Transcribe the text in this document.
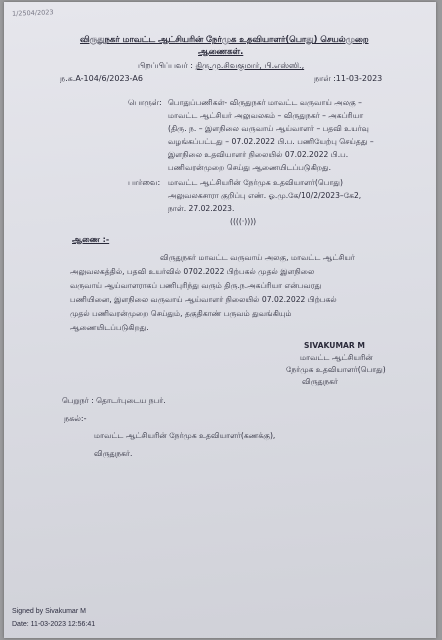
1/2504/2023
விருதுநகர் மாவட்ட ஆட்சியரின் நேர்முக உதவியாளர்(பொது) செயல்முறை
ஆணைகள்.
பிறப்பிப்பவர் : திரு.மு.சிவகுமார், பி.எஸ்ஸி.,
ந.க.A-104/6/2023-A6	நாள் :11-03-2023
பொருள்: பொதுப்பணிகள்- விருதுநகர் மாவட்ட வருவாய் அலகு –
மாவட்ட ஆட்சியர் அலுவலகம் – விருதுநகர் – அகப்ரியா
(திரு. ந. – இளநிலை வருவாய் ஆய்வாளர் – பதவி உயர்வு
வழங்கப்பட்டது – 07.02.2022 பி.ப. பணியேற்பு செய்தது –
இளநிலை உதவியாளர் நிலையில் 07.02.2022 பி.ப.
பணிவரன்முறை செய்து ஆணையிடப்படுகிறது.
பார்வை: மாவட்ட ஆட்சியரின் நேர்முக உதவியாளர்(பொது)
அலுவலகசாரா குறிப்பு எண். ஓ.மு.கே/10/2/2023–கே2,
நாள். 27.02.2023.
((((·))))
ஆணை :-
விருதுநகர் மாவட்ட வருவாய் அலகு, மாவட்ட ஆட்சியர்
அலுவலகத்தில், பதவி உயர்வில் 0702.2022 பிற்பகல் முதல் இளநிலை
வருவாய் ஆய்வாளராகப் பணிபுரிந்து வரும் திரு.ந.அகப்ரியா என்பவரது
பணியினை, இளநிலை வருவாய் ஆய்வாளர் நிலையில் 07.02.2022 பிற்பகல்
முதல் பணிவரன்முறை செய்தும், தகுதிகாண் பருவம் துவங்கியும்
ஆணையிடப்படுகிறது.
SIVAKUMAR M
மாவட்ட ஆட்சியரின்
நேர்முக உதவியாளர்(பொது)
விருதுநகர்
பெறுநர் : தொடர்புடைய நபர்.
நகல்:-
மாவட்ட ஆட்சியரின் நேர்முக உதவியாளர்(கணக்கு),
விருதுநகர்.
Signed by Sivakumar M
Date: 11-03-2023 12:56:41
